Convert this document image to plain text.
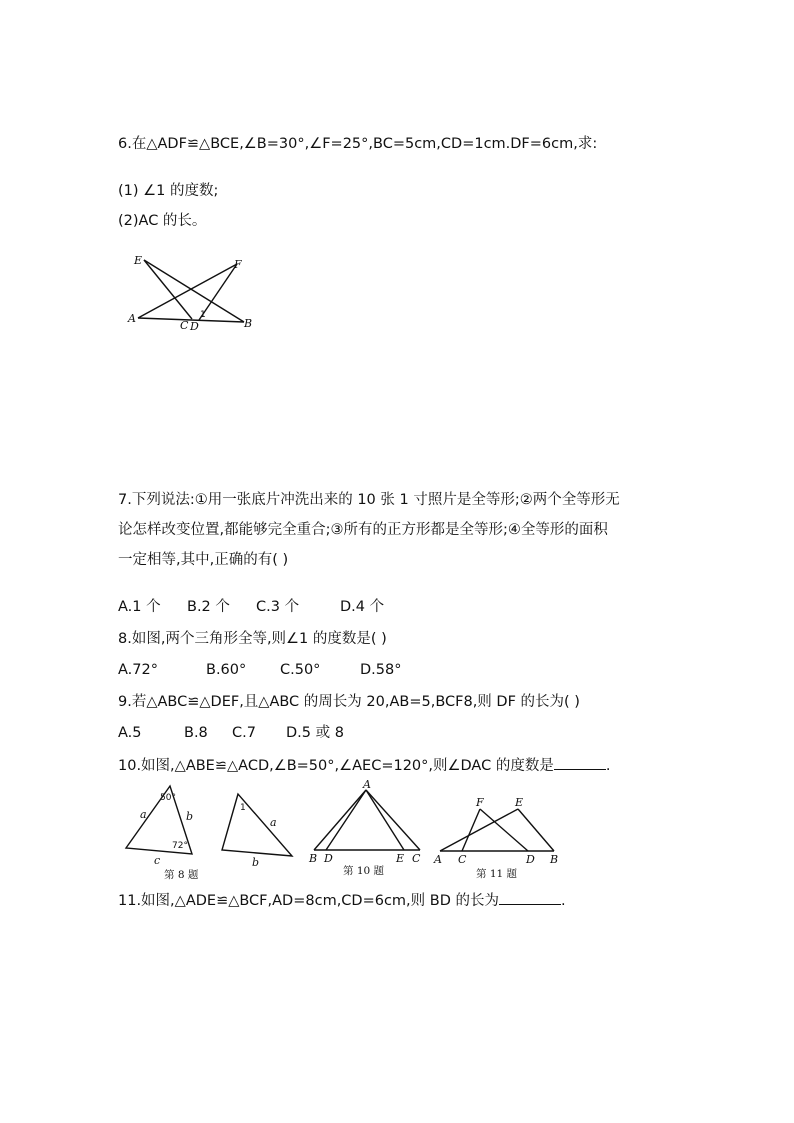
6.在△ADF≌△BCE,∠B=30°,∠F=25°,BC=5cm,CD=1cm.DF=6cm,求:
(1) ∠1 的度数;
(2)AC 的长。
E	F
A
C D
1
B
7.下列说法:①用一张底片冲洗出来的 10 张 1 寸照片是全等形;②两个全等形无
论怎样改变位置,都能够完全重合;③所有的正方形都是全等形;④全等形的面积
一定相等,其中,正确的有( )
A.1 个 B.2 个 C.3 个	D.4 个
8.如图,两个三角形全等,则∠1 的度数是( )
A.72°	B.60° C.50°	D.58°
9.若△ABC≌△DEF,且△ABC 的周长为 20,AB=5,BCF8,则 DF 的长为( )
A.5	B.8 C.7 D.5 或 8
10.如图,△ABE≌△ACD,∠B=50°,∠AEC=120°,则∠DAC 的度数是	.
50°
72°
a	b
c
第 8 题
1
a
b
A
B D	E C
第 10 题
F	E
A C	D B
第 11 题
11.如图,△ADE≌△BCF,AD=8cm,CD=6cm,则 BD 的长为	.
